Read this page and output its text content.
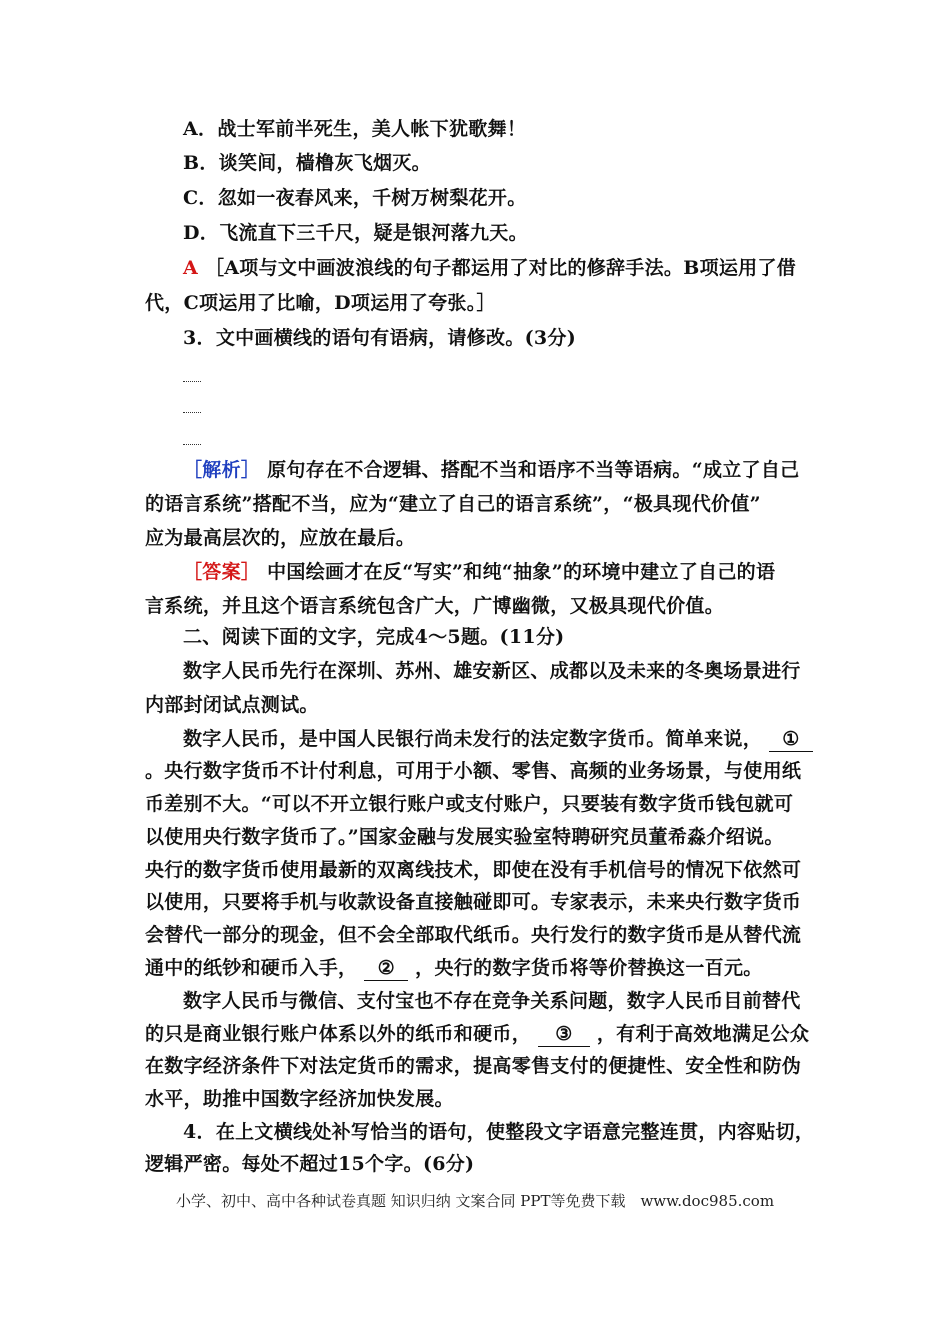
A．战士军前半死生，美人帐下犹歌舞！
B．谈笑间，樯橹灰飞烟灭。
C．忽如一夜春风来，千树万树梨花开。
D．飞流直下三千尺，疑是银河落九天。
A ［A项与文中画波浪线的句子都运用了对比的修辞手法。B项运用了借
代，C项运用了比喻，D项运用了夸张。］
3．文中画横线的语句有语病，请修改。(3分)
［解析］ 原句存在不合逻辑、搭配不当和语序不当等语病。“成立了自己
的语言系统”搭配不当，应为“建立了自己的语言系统”，“极具现代价值”
应为最高层次的，应放在最后。
［答案］ 中国绘画才在反“写实”和纯“抽象”的环境中建立了自己的语
言系统，并且这个语言系统包含广大，广博幽微，又极具现代价值。
二、阅读下面的文字，完成4～5题。(11分)
数字人民币先行在深圳、苏州、雄安新区、成都以及未来的冬奥场景进行
内部封闭试点测试。
数字人民币，是中国人民银行尚未发行的法定数字货币。简单来说， ①
。央行数字货币不计付利息，可用于小额、零售、高频的业务场景，与使用纸
币差别不大。“可以不开立银行账户或支付账户，只要装有数字货币钱包就可
以使用央行数字货币了。”国家金融与发展实验室特聘研究员董希淼介绍说。
央行的数字货币使用最新的双离线技术，即使在没有手机信号的情况下依然可
以使用，只要将手机与收款设备直接触碰即可。专家表示，未来央行数字货币
会替代一部分的现金，但不会全部取代纸币。央行发行的数字货币是从替代流
通中的纸钞和硬币入手， ② ，央行的数字货币将等价替换这一百元。
数字人民币与微信、支付宝也不存在竞争关系问题，数字人民币目前替代
的只是商业银行账户体系以外的纸币和硬币， ③ ，有利于高效地满足公众
在数字经济条件下对法定货币的需求，提高零售支付的便捷性、安全性和防伪
水平，助推中国数字经济加快发展。
4．在上文横线处补写恰当的语句，使整段文字语意完整连贯，内容贴切，
逻辑严密。每处不超过15个字。(6分)
小学、初中、高中各种试卷真题 知识归纳 文案合同 PPT等免费下载　www.doc985.com
